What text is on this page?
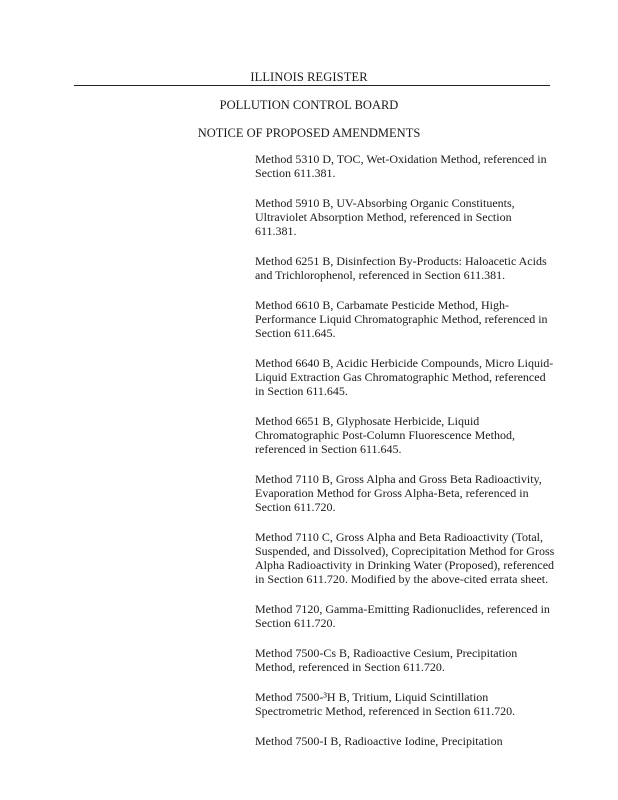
ILLINOIS REGISTER
POLLUTION CONTROL BOARD
NOTICE OF PROPOSED AMENDMENTS
Method 5310 D, TOC, Wet-Oxidation Method, referenced in Section 611.381.
Method 5910 B, UV-Absorbing Organic Constituents, Ultraviolet Absorption Method, referenced in Section 611.381.
Method 6251 B, Disinfection By-Products: Haloacetic Acids and Trichlorophenol, referenced in Section 611.381.
Method 6610 B, Carbamate Pesticide Method, High-Performance Liquid Chromatographic Method, referenced in Section 611.645.
Method 6640 B, Acidic Herbicide Compounds, Micro Liquid-Liquid Extraction Gas Chromatographic Method, referenced in Section 611.645.
Method 6651 B, Glyphosate Herbicide, Liquid Chromatographic Post-Column Fluorescence Method, referenced in Section 611.645.
Method 7110 B, Gross Alpha and Gross Beta Radioactivity, Evaporation Method for Gross Alpha-Beta, referenced in Section 611.720.
Method 7110 C, Gross Alpha and Beta Radioactivity (Total, Suspended, and Dissolved), Coprecipitation Method for Gross Alpha Radioactivity in Drinking Water (Proposed), referenced in Section 611.720. Modified by the above-cited errata sheet.
Method 7120, Gamma-Emitting Radionuclides, referenced in Section 611.720.
Method 7500-Cs B, Radioactive Cesium, Precipitation Method, referenced in Section 611.720.
Method 7500-³H B, Tritium, Liquid Scintillation Spectrometric Method, referenced in Section 611.720.
Method 7500-I B, Radioactive Iodine, Precipitation
